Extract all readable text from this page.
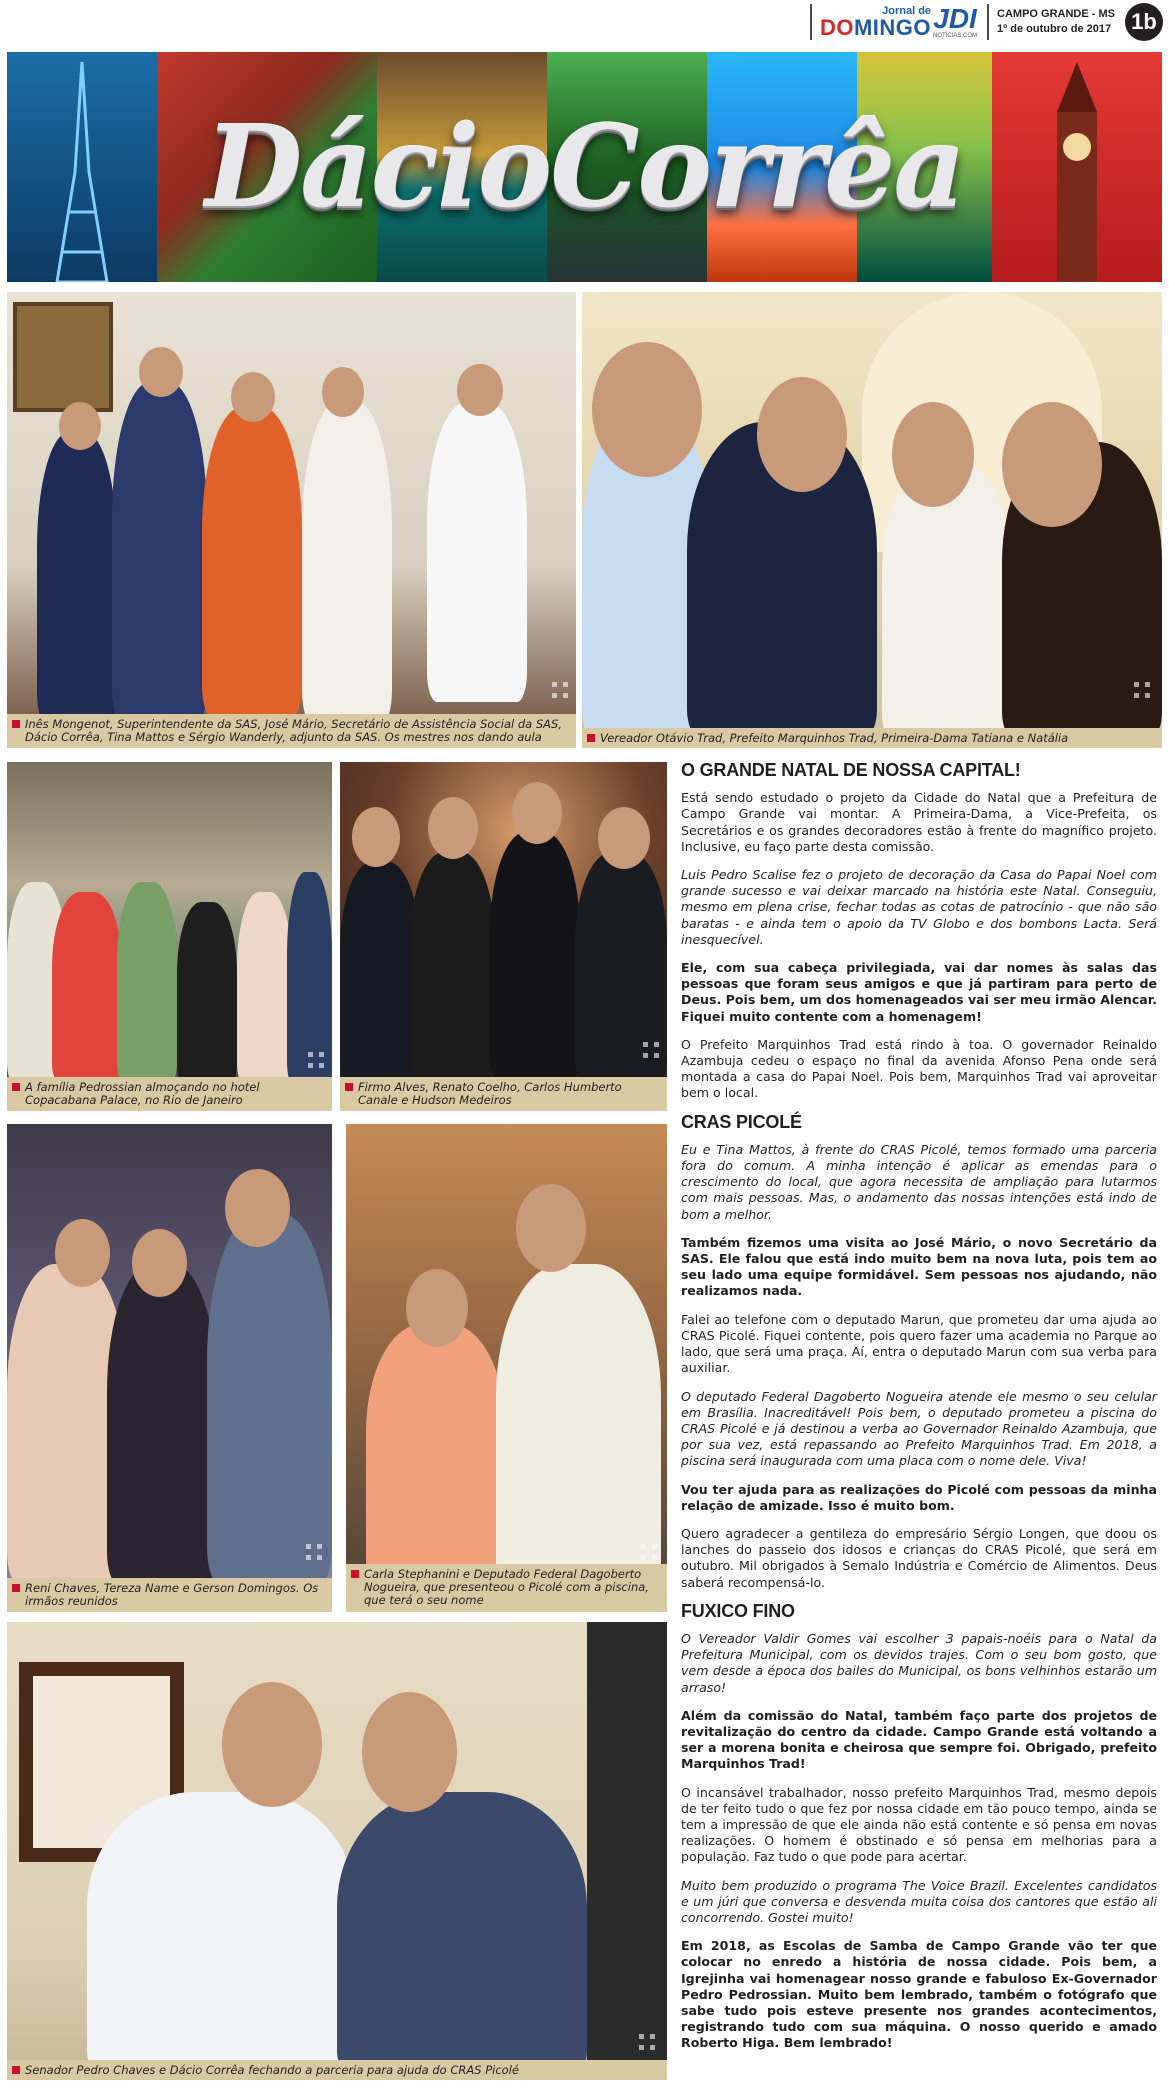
Jornal de
DOMINGO JDI
NOTÍCIAS.COM
CAMPO GRANDE - MS
1º de outubro de 2017 1b
DácioCorrêa
Inês Mongenot, Superintendente da SAS, José Mário, Secretário de Assistência Social da SAS, Dácio Corrêa, Tina Mattos e Sérgio Wanderly, adjunto da SAS. Os mestres nos dando aula	Vereador Otávio Trad, Prefeito Marquinhos Trad, Primeira-Dama Tatiana e Natália
A família Pedrossian almoçando no hotel Copacabana Palace, no Rio de Janeiro
Firmo Alves, Renato Coelho, Carlos Humberto Canale e Hudson Medeiros
Reni Chaves, Tereza Name e Gerson Domingos. Os irmãos reunidos
Carla Stephanini e Deputado Federal Dagoberto Nogueira, que presenteou o Picolé com a piscina, que terá o seu nome
Senador Pedro Chaves e Dácio Corrêa fechando a parceria para ajuda do CRAS Picolé
O GRANDE NATAL DE NOSSA CAPITAL!

Está sendo estudado o projeto da Cidade do Natal que a Prefeitura de Campo Grande vai montar. A Primeira-Dama, a Vice-Prefeita, os Secretários e os grandes decoradores estão à frente do magnífico projeto. Inclusive, eu faço parte desta comissão.

Luis Pedro Scalise fez o projeto de decoração da Casa do Papai Noel com grande sucesso e vai deixar marcado na história este Natal. Conseguiu, mesmo em plena crise, fechar todas as cotas de patrocínio - que não são baratas - e ainda tem o apoio da TV Globo e dos bombons Lacta. Será inesquecível.

Ele, com sua cabeça privilegiada, vai dar nomes às salas das pessoas que foram seus amigos e que já partiram para perto de Deus. Pois bem, um dos homenageados vai ser meu irmão Alencar. Fiquei muito contente com a homenagem!

O Prefeito Marquinhos Trad está rindo à toa. O governador Reinaldo Azambuja cedeu o espaço no final da avenida Afonso Pena onde será montada a casa do Papai Noel. Pois bem, Marquinhos Trad vai aproveitar bem o local.

CRAS PICOLÉ

Eu e Tina Mattos, à frente do CRAS Picolé, temos formado uma parceria fora do comum. A minha intenção é aplicar as emendas para o crescimento do local, que agora necessita de ampliação para lutarmos com mais pessoas. Mas, o andamento das nossas intenções está indo de bom a melhor.

Também fizemos uma visita ao José Mário, o novo Secretário da SAS. Ele falou que está indo muito bem na nova luta, pois tem ao seu lado uma equipe formidável. Sem pessoas nos ajudando, não realizamos nada.

Falei ao telefone com o deputado Marun, que prometeu dar uma ajuda ao CRAS Picolé. Fiquei contente, pois quero fazer uma academia no Parque ao lado, que será uma praça. Aí, entra o deputado Marun com sua verba para auxiliar.

O deputado Federal Dagoberto Nogueira atende ele mesmo o seu celular em Brasília. Inacreditável! Pois bem, o deputado prometeu a piscina do CRAS Picolé e já destinou a verba ao Governador Reinaldo Azambuja, que por sua vez, está repassando ao Prefeito Marquinhos Trad. Em 2018, a piscina será inaugurada com uma placa com o nome dele. Viva!

Vou ter ajuda para as realizações do Picolé com pessoas da minha relação de amizade. Isso é muito bom.

Quero agradecer a gentileza do empresário Sérgio Longen, que doou os lanches do passeio dos idosos e crianças do CRAS Picolé, que será em outubro. Mil obrigados à Semalo Indústria e Comércio de Alimentos. Deus saberá recompensá-lo.

FUXICO FINO

O Vereador Valdir Gomes vai escolher 3 papais-noéis para o Natal da Prefeitura Municipal, com os devidos trajes. Com o seu bom gosto, que vem desde a época dos bailes do Municipal, os bons velhinhos estarão um arraso!

Além da comissão do Natal, também faço parte dos projetos de revitalização do centro da cidade. Campo Grande está voltando a ser a morena bonita e cheirosa que sempre foi. Obrigado, prefeito Marquinhos Trad!

O incansável trabalhador, nosso prefeito Marquinhos Trad, mesmo depois de ter feito tudo o que fez por nossa cidade em tão pouco tempo, ainda se tem a impressão de que ele ainda não está contente e só pensa em novas realizações. O homem é obstinado e só pensa em melhorias para a população. Faz tudo o que pode para acertar.

Muito bem produzido o programa The Voice Brazil. Excelentes candidatos e um júri que conversa e desvenda muita coisa dos cantores que estão ali concorrendo. Gostei muito!

Em 2018, as Escolas de Samba de Campo Grande vão ter que colocar no enredo a história de nossa cidade. Pois bem, a Igrejinha vai homenagear nosso grande e fabuloso Ex-Governador Pedro Pedrossian. Muito bem lembrado, também o fotógrafo que sabe tudo pois esteve presente nos grandes acontecimentos, registrando tudo com sua máquina. O nosso querido e amado Roberto Higa. Bem lembrado!
